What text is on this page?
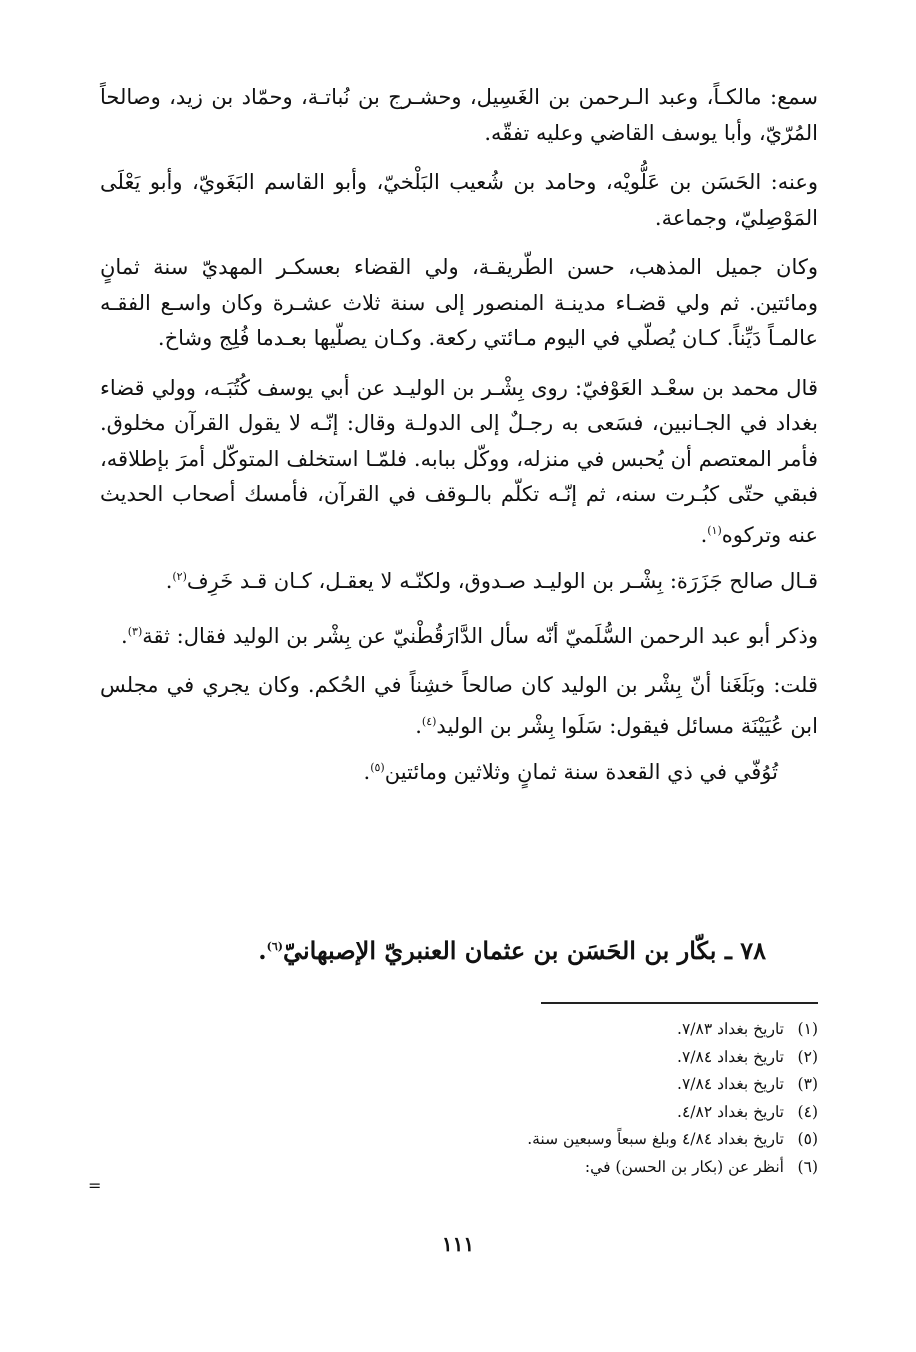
سمع: مالكـاً، وعبد الـرحمن بن الغَسِيل، وحشـرج بن نُباتـة، وحمّاد بن زيد، وصالحاً المُرّيّ، وأبا يوسف القاضي وعليه تفقّه.

وعنه: الحَسَن بن عَلُّويْه، وحامد بن شُعيب البَلْخيّ، وأبو القاسم البَغَويّ، وأبو يَعْلَى المَوْصِليّ، وجماعة.

وكان جميل المذهب، حسن الطّريقـة، ولي القضاء بعسكـر المهديّ سنة ثمانٍ ومائتين. ثم ولي قضـاء مدينـة المنصور إلى سنة ثلاث عشـرة وكان واسـع الفقـه عالمـاً دَيِّناً. كـان يُصلّي في اليوم مـائتي ركعة. وكـان يصلّيها بعـدما فُلِج وشاخ.

قال محمد بن سعْـد العَوْفيّ: روى بِشْـر بن الوليـد عن أبي يوسف كُتُبَـه، وولي قضاء بغداد في الجـانبين، فسَعى به رجـلٌ إلى الدولـة وقال: إنّـه لا يقول القرآن مخلوق. فأمر المعتصم أن يُحبس في منزله، ووكّل ببابه. فلمّـا استخلف المتوكّل أمرَ بإطلاقه، فبقي حتّى كبُـرت سنه، ثم إنّـه تكلّم بالـوقف في القرآن، فأمسك أصحاب الحديث عنه وتركوه$^{(١)}$.

قـال صالح جَزَرَة: بِشْـر بن الوليـد صـدوق، ولكنّـه لا يعقـل، كـان قـد خَرِف$^{(٢)}$.

وذكر أبو عبد الرحمن السُّلَميّ أنّه سأل الدَّارَقُطْنيّ عن بِشْر بن الوليد فقال: ثقة$^{(٣)}$.

قلت: وبَلَغَنا أنّ بِشْر بن الوليد كان صالحاً خشِناً في الحُكم. وكان يجري في مجلس ابن عُيَيْنَة مسائل فيقول: سَلَوا بِشْر بن الوليد$^{(٤)}$.

تُوُفّي في ذي القعدة سنة ثمانٍ وثلاثين ومائتين$^{(٥)}$.

٧٨ ـ بكّار بن الحَسَن بن عثمان العنبريّ الإصبهانيّ$^{(٦)}$.
(١)تاريخ بغداد ٧/٨٣.
(٢)تاريخ بغداد ٧/٨٤.
(٣)تاريخ بغداد ٧/٨٤.
(٤)تاريخ بغداد ٤/٨٢.
(٥)تاريخ بغداد ٤/٨٤ وبلغ سبعاً وسبعين سنة.
(٦)أنظر عن (بكار بن الحسن) في:
=
١١١
